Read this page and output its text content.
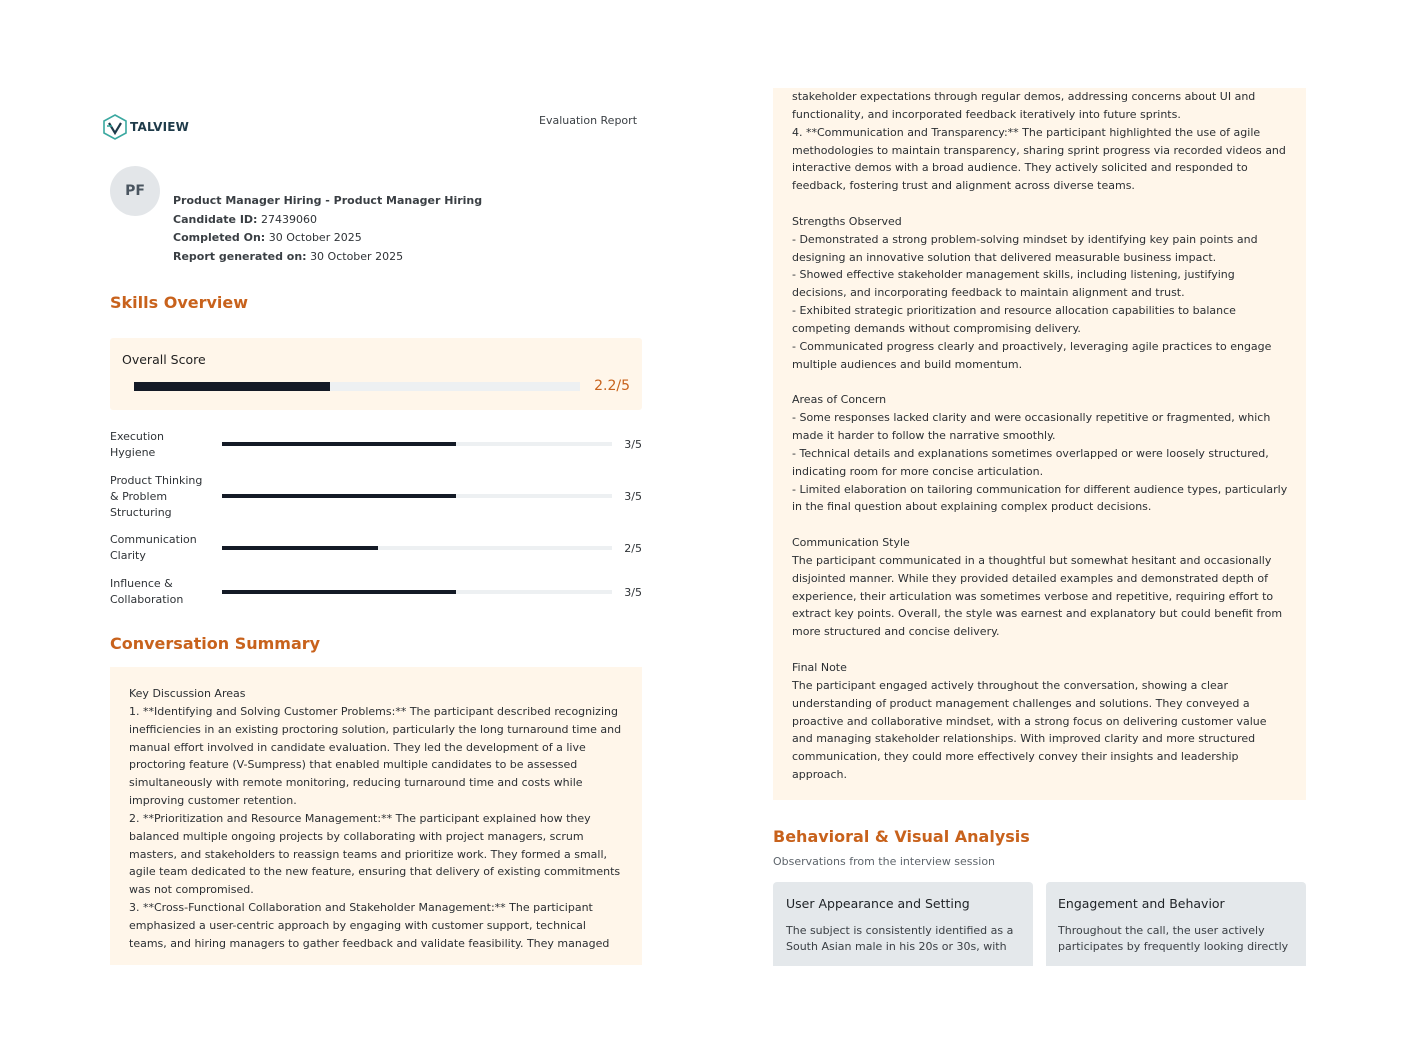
TALVIEW	Evaluation Report
PF
Product Manager Hiring - Product Manager Hiring
Candidate ID: 27439060
Completed On: 30 October 2025
Report generated on: 30 October 2025
Skills Overview
Overall Score
2.2/5
Execution Hygiene
3/5
Product Thinking & Problem Structuring
3/5
Communication Clarity
2/5
Influence & Collaboration
3/5
Conversation Summary
Key Discussion Areas
1. **Identifying and Solving Customer Problems:** The participant described recognizing
inefficiencies in an existing proctoring solution, particularly the long turnaround time and
manual effort involved in candidate evaluation. They led the development of a live
proctoring feature (V-Sumpress) that enabled multiple candidates to be assessed
simultaneously with remote monitoring, reducing turnaround time and costs while
improving customer retention.
2. **Prioritization and Resource Management:** The participant explained how they
balanced multiple ongoing projects by collaborating with project managers, scrum
masters, and stakeholders to reassign teams and prioritize work. They formed a small,
agile team dedicated to the new feature, ensuring that delivery of existing commitments
was not compromised.
3. **Cross-Functional Collaboration and Stakeholder Management:** The participant
emphasized a user-centric approach by engaging with customer support, technical
teams, and hiring managers to gather feedback and validate feasibility. They managed
stakeholder expectations through regular demos, addressing concerns about UI and
functionality, and incorporated feedback iteratively into future sprints.
4. **Communication and Transparency:** The participant highlighted the use of agile
methodologies to maintain transparency, sharing sprint progress via recorded videos and
interactive demos with a broad audience. They actively solicited and responded to
feedback, fostering trust and alignment across diverse teams.

Strengths Observed
- Demonstrated a strong problem-solving mindset by identifying key pain points and
designing an innovative solution that delivered measurable business impact.
- Showed effective stakeholder management skills, including listening, justifying
decisions, and incorporating feedback to maintain alignment and trust.
- Exhibited strategic prioritization and resource allocation capabilities to balance
competing demands without compromising delivery.
- Communicated progress clearly and proactively, leveraging agile practices to engage
multiple audiences and build momentum.

Areas of Concern
- Some responses lacked clarity and were occasionally repetitive or fragmented, which
made it harder to follow the narrative smoothly.
- Technical details and explanations sometimes overlapped or were loosely structured,
indicating room for more concise articulation.
- Limited elaboration on tailoring communication for different audience types, particularly
in the final question about explaining complex product decisions.

Communication Style
The participant communicated in a thoughtful but somewhat hesitant and occasionally
disjointed manner. While they provided detailed examples and demonstrated depth of
experience, their articulation was sometimes verbose and repetitive, requiring effort to
extract key points. Overall, the style was earnest and explanatory but could benefit from
more structured and concise delivery.

Final Note
The participant engaged actively throughout the conversation, showing a clear
understanding of product management challenges and solutions. They conveyed a
proactive and collaborative mindset, with a strong focus on delivering customer value
and managing stakeholder relationships. With improved clarity and more structured
communication, they could more effectively convey their insights and leadership
approach.
Behavioral & Visual Analysis
Observations from the interview session
User Appearance and Setting
The subject is consistently identified as a
South Asian male in his 20s or 30s, with
Engagement and Behavior
Throughout the call, the user actively
participates by frequently looking directly
